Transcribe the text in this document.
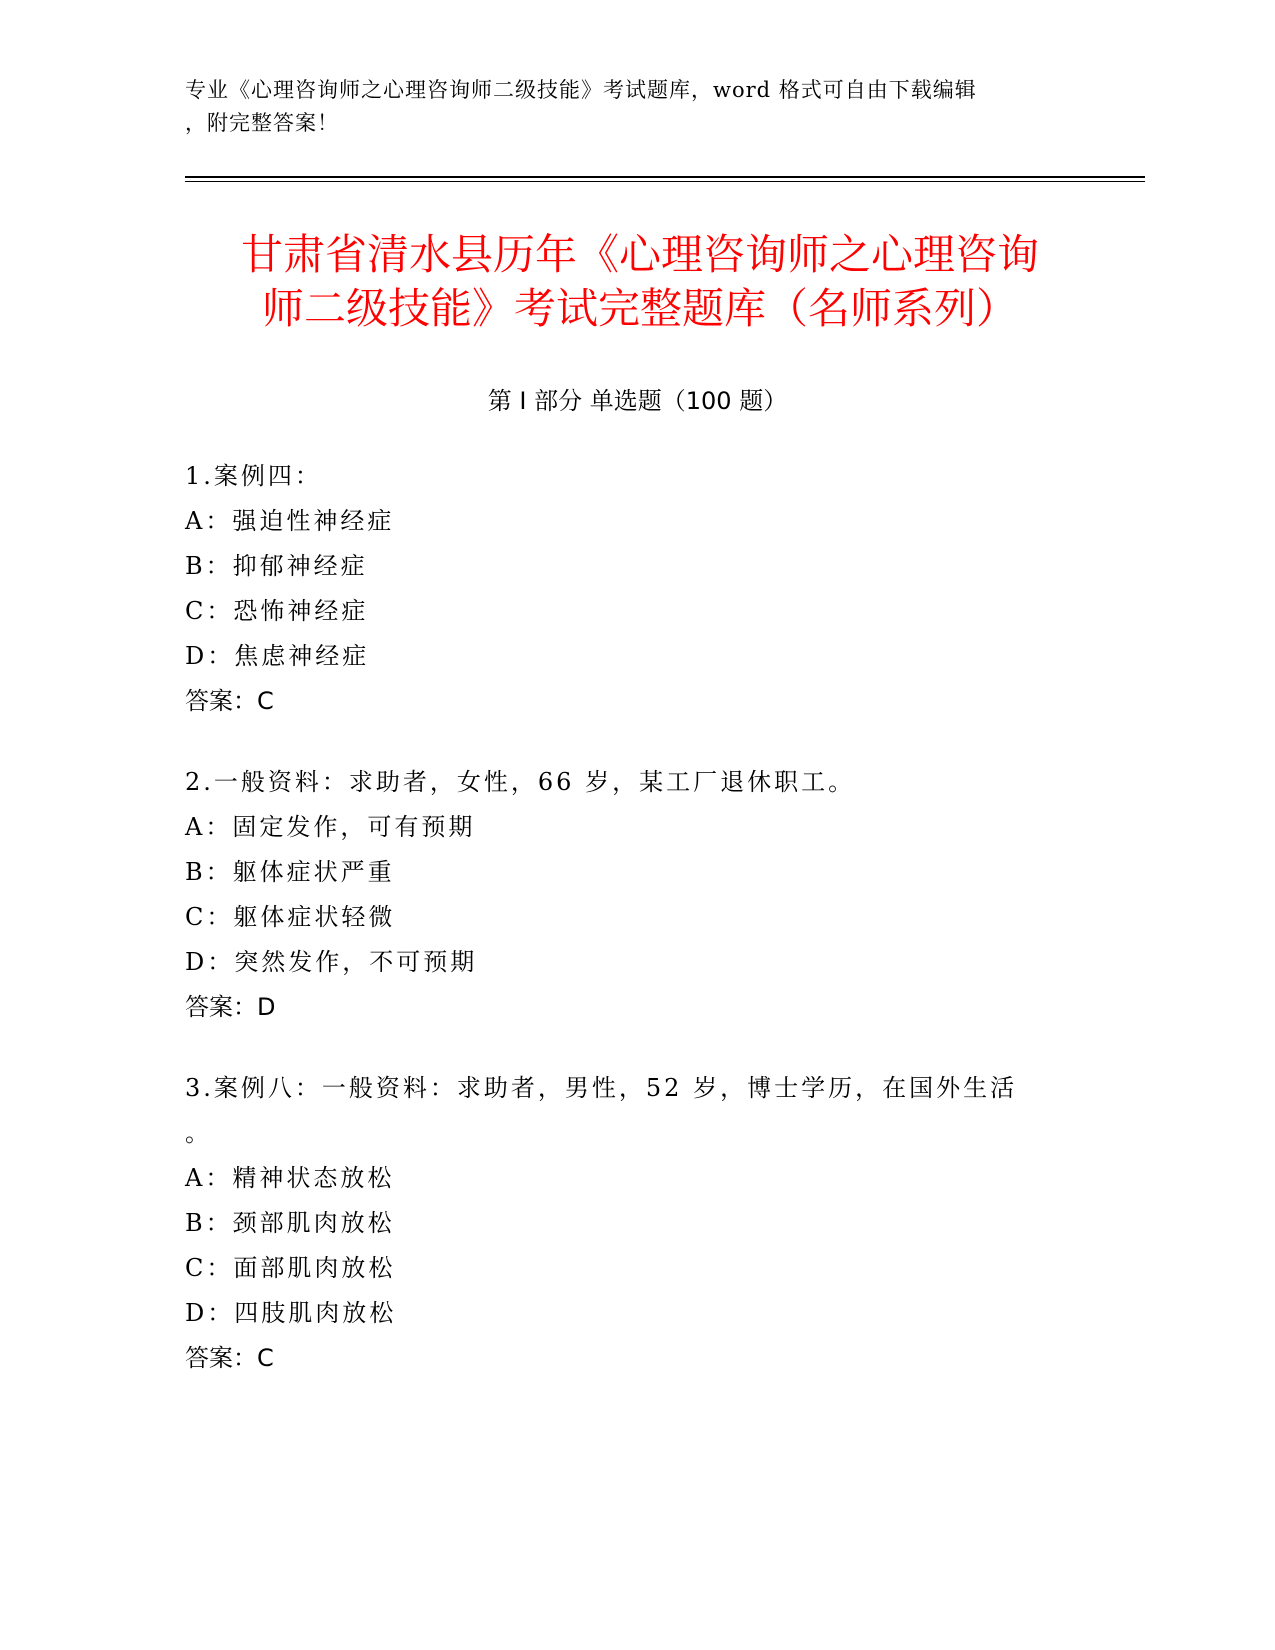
专业《心理咨询师之心理咨询师二级技能》考试题库，word 格式可自由下载编辑
，附完整答案！
甘肃省清水县历年《心理咨询师之心理咨询
师二级技能》考试完整题库（名师系列）
第 I 部分 单选题（100 题）
1.案例四：
A：强迫性神经症
B：抑郁神经症
C：恐怖神经症
D：焦虑神经症
答案：C
2.一般资料：求助者，女性，66 岁，某工厂退休职工。
A：固定发作，可有预期
B：躯体症状严重
C：躯体症状轻微
D：突然发作，不可预期
答案：D
3.案例八：一般资料：求助者，男性，52 岁，博士学历，在国外生活
。
A：精神状态放松
B：颈部肌肉放松
C：面部肌肉放松
D：四肢肌肉放松
答案：C
